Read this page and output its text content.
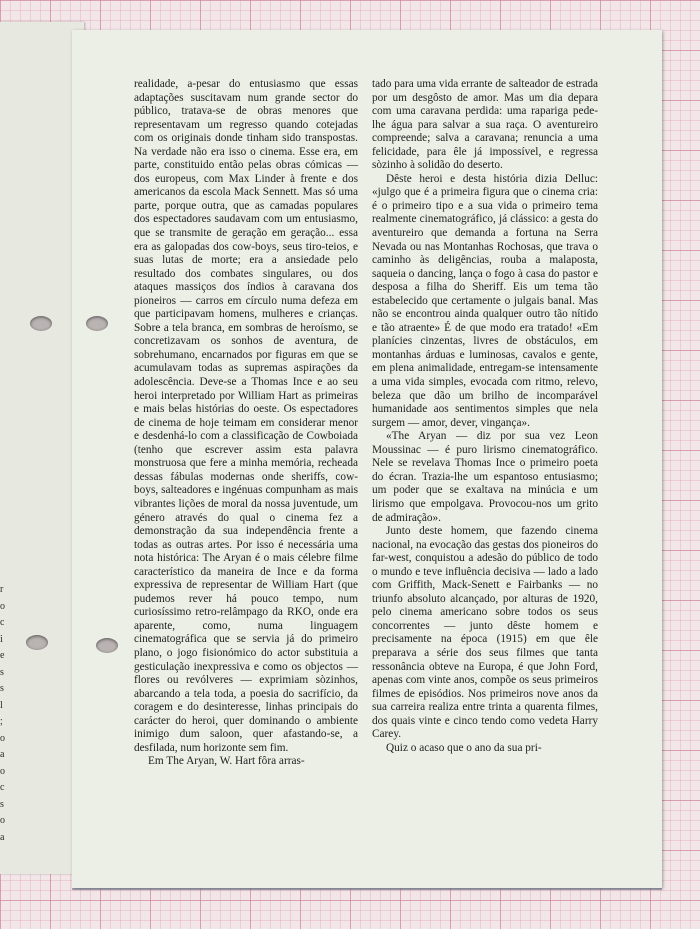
r
o
c
i
e
s
s
l
;
o
a
o
c
s
o
a

realidade, a-pesar do entusiasmo que essas adaptações suscitavam num grande sector do público, tratava-se de obras menores que representavam um regresso quando cotejadas com os originais donde tinham sido transpostas. Na verdade não era isso o cinema. Esse era, em parte, constituido então pelas obras cómicas — dos europeus, com Max Linder à frente e dos americanos da escola Mack Sennett. Mas só uma parte, porque outra, que as camadas populares dos espectadores saudavam com um entusiasmo, que se transmite de geração em geração... essa era as galopadas dos cow-boys, seus tiro-teios, e suas lutas de morte; era a ansiedade pelo resultado dos combates singulares, ou dos ataques massiços dos índios à caravana dos pioneiros — carros em círculo numa defeza em que participavam homens, mulheres e crianças. Sobre a tela branca, em sombras de heroísmo, se concretizavam os sonhos de aventura, de sobrehumano, encarnados por figuras em que se acumulavam todas as supremas aspirações da adolescência. Deve-se a Thomas Ince e ao seu heroi interpretado por William Hart as primeiras e mais belas histórias do oeste. Os espectadores de cinema de hoje teimam em considerar menor e desdenhá-lo com a classificação de Cowboiada (tenho que escrever assim esta palavra monstruosa que fere a minha memória, recheada dessas fábulas modernas onde sheriffs, cow-boys, salteadores e ingénuas compunham as mais vibrantes lições de moral da nossa juventude, um género através do qual o cinema fez a demonstração da sua independência frente a todas as outras artes. Por isso é necessária uma nota histórica: The Aryan é o mais célebre filme característico da maneira de Ince e da forma expressiva de representar de William Hart (que pudemos rever há pouco tempo, num curiosíssimo retro-relâmpago da RKO, onde era aparente, como, numa linguagem cinematográfica que se servia já do primeiro plano, o jogo fisionómico do actor substituia a gesticulação inexpressiva e como os objectos — flores ou revólveres — exprimiam sòzinhos, abarcando a tela toda, a poesia do sacrifício, da coragem e do desinteresse, linhas principais do carácter do heroi, quer dominando o ambiente inimigo dum saloon, quer afastando-se, a desfilada, num horizonte sem fim.

Em The Aryan, W. Hart fôra arras-

tado para uma vida errante de salteador de estrada por um desgôsto de amor. Mas um dia depara com uma caravana perdida: uma rapariga pede-lhe água para salvar a sua raça. O aventureiro compreende; salva a caravana; renuncia a uma felicidade, para êle já impossível, e regressa sòzinho à solidão do deserto.

Dêste heroi e desta história dizia Delluc: «julgo que é a primeira figura que o cinema cria: é o primeiro tipo e a sua vida o primeiro tema realmente cinematográfico, já clássico: a gesta do aventureiro que demanda a fortuna na Serra Nevada ou nas Montanhas Rochosas, que trava o caminho às deligências, rouba a malaposta, saqueia o dancing, lança o fogo à casa do pastor e desposa a filha do Sheriff. Eis um tema tão estabelecido que certamente o julgais banal. Mas não se encontrou ainda qualquer outro tão nítido e tão atraente» É de que modo era tratado! «Em planícies cinzentas, livres de obstáculos, em montanhas árduas e luminosas, cavalos e gente, em plena animalidade, entregam-se intensamente a uma vida simples, evocada com ritmo, relevo, beleza que dão um brilho de incomparável humanidade aos sentimentos simples que nela surgem — amor, dever, vingança».

«The Aryan — diz por sua vez Leon Moussinac — é puro lirismo cinematográfico. Nele se revelava Thomas Ince o primeiro poeta do écran. Trazia-lhe um espantoso entusiasmo; um poder que se exaltava na minúcia e um lirismo que empolgava. Provocou-nos um grito de admiração».

Junto deste homem, que fazendo cinema nacional, na evocação das gestas dos pioneiros do far-west, conquistou a adesão do público de todo o mundo e teve influência decisiva — lado a lado com Griffith, Mack-Senett e Fairbanks — no triunfo absoluto alcançado, por alturas de 1920, pelo cinema americano sobre todos os seus concorrentes — junto dêste homem e precisamente na época (1915) em que êle preparava a série dos seus filmes que tanta ressonância obteve na Europa, é que John Ford, apenas com vinte anos, compõe os seus primeiros filmes de episódios. Nos primeiros nove anos da sua carreira realiza entre trinta a quarenta filmes, dos quais vinte e cinco tendo como vedeta Harry Carey.

Quiz o acaso que o ano da sua pri-
